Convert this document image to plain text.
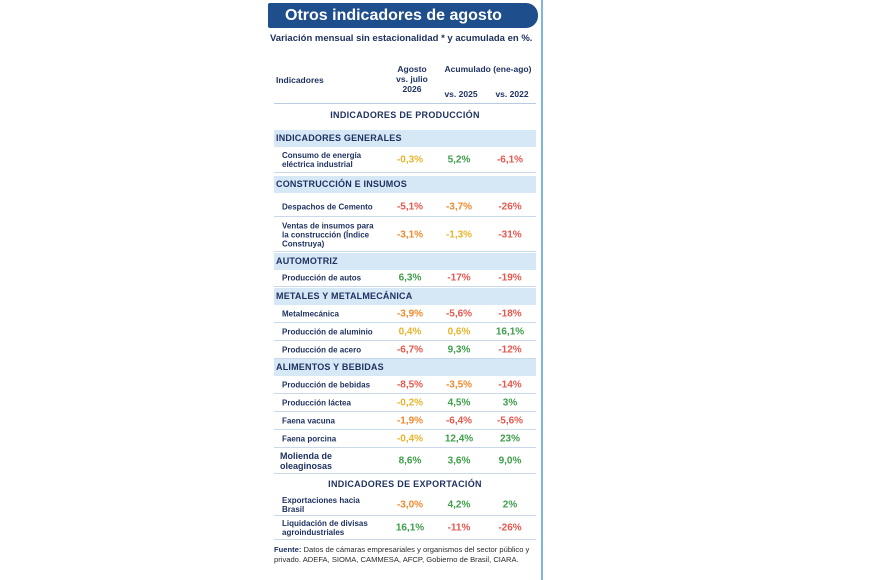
Otros indicadores de agosto
Variación mensual sin estacionalidad * y acumulada en %.
Indicadores
Agosto
vs. julio
2026
Acumulado (ene-ago)
vs. 2025	vs. 2022
INDICADORES DE PRODUCCIÓN
INDICADORES GENERALES
CONSTRUCCIÓN E INSUMOS
AUTOMOTRIZ
METALES Y METALMECÁNICA
ALIMENTOS Y BEBIDAS
INDICADORES DE EXPORTACIÓN
Consumo de energía
eléctrica industrial	-0,3%	5,2%	-6,1%
Despachos de Cemento	-5,1%	-3,7%	-26%
Ventas de insumos para
la construcción (Índice
Construya)
-3,1%	-1,3%	-31%
Producción de autos	6,3%	-17%	-19%
Metalmecánica	-3,9%	-5,6%	-18%
Producción de aluminio	0,4%	0,6%	16,1%
Producción de acero	-6,7%	9,3%	-12%
Producción de bebidas	-8,5%	-3,5%	-14%
Producción láctea	-0,2%	4,5%	3%
Faena vacuna	-1,9%	-6,4%	-5,6%
Faena porcina	-0,4%	12,4%	23%
Molienda de
oleaginosas	8,6%	3,6%	9,0%
Exportaciones hacia
Brasil	-3,0%	4,2%	2%
Liquidación de divisas
agroindustriales	16,1%	-11%	-26%
Fuente: Datos de cámaras empresariales y organismos del sector público y privado. ADEFA, SIOMA, CAMMESA, AFCP, Gobierno de Brasil, CIARA.
